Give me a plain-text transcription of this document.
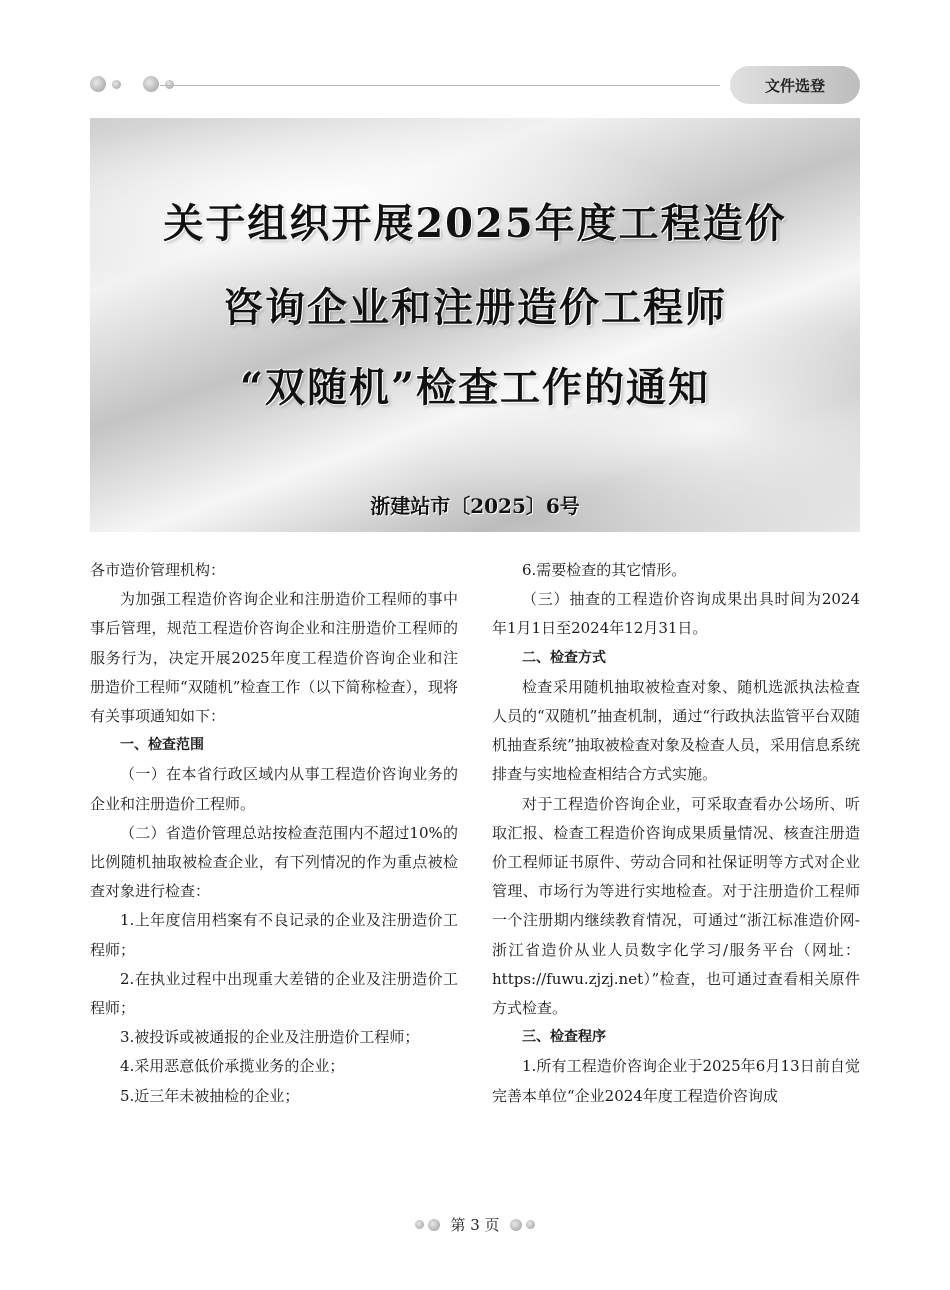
文件选登
关于组织开展2025年度工程造价
咨询企业和注册造价工程师
“双随机”检查工作的通知
浙建站市〔2025〕6号

各市造价管理机构：

为加强工程造价咨询企业和注册造价工程师的事中事后管理，规范工程造价咨询企业和注册造价工程师的服务行为，决定开展2025年度工程造价咨询企业和注册造价工程师“双随机”检查工作（以下简称检查），现将有关事项通知如下：

一、检查范围

（一）在本省行政区域内从事工程造价咨询业务的企业和注册造价工程师。

（二）省造价管理总站按检查范围内不超过10%的比例随机抽取被检查企业，有下列情况的作为重点被检查对象进行检查：

1.上年度信用档案有不良记录的企业及注册造价工程师；

2.在执业过程中出现重大差错的企业及注册造价工程师；

3.被投诉或被通报的企业及注册造价工程师；

4.采用恶意低价承揽业务的企业；

5.近三年未被抽检的企业；

6.需要检查的其它情形。

（三）抽查的工程造价咨询成果出具时间为2024年1月1日至2024年12月31日。

二、检查方式

检查采用随机抽取被检查对象、随机选派执法检查人员的“双随机”抽查机制，通过“行政执法监管平台双随机抽查系统”抽取被检查对象及检查人员，采用信息系统排查与实地检查相结合方式实施。

对于工程造价咨询企业，可采取查看办公场所、听取汇报、检查工程造价咨询成果质量情况、核查注册造价工程师证书原件、劳动合同和社保证明等方式对企业管理、市场行为等进行实地检查。对于注册造价工程师一个注册期内继续教育情况，可通过“浙江标准造价网-浙江省造价从业人员数字化学习/服务平台（网址：https://fuwu.zjzj.net）”检查，也可通过查看相关原件方式检查。

三、检查程序

1.所有工程造价咨询企业于2025年6月13日前自觉完善本单位“企业2024年度工程造价咨询成

第 3 页
